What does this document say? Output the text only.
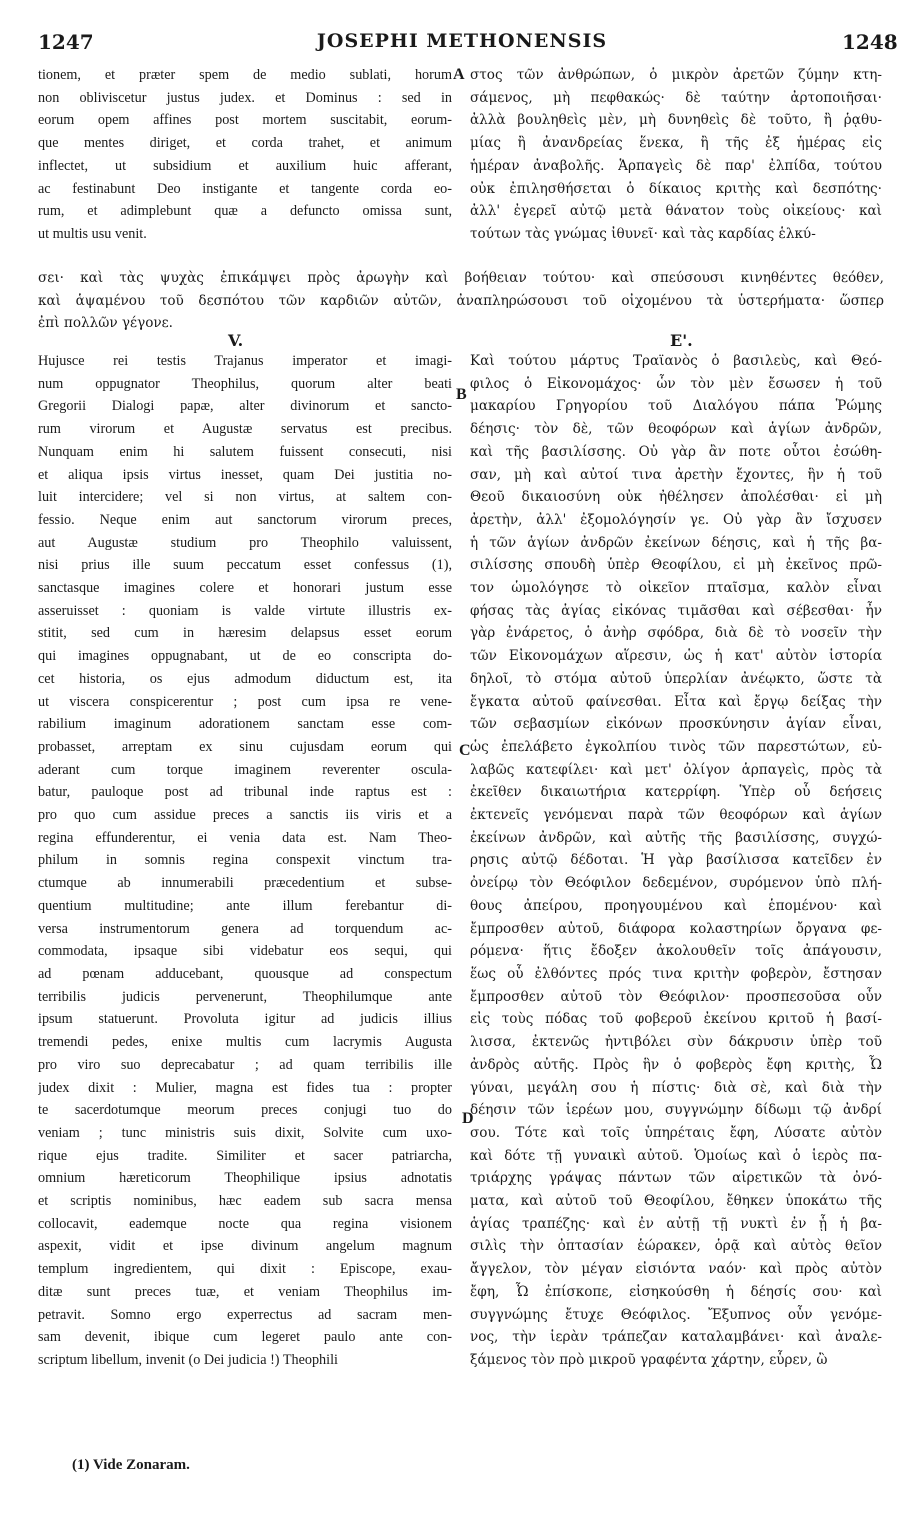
1247	JOSEPHI METHONENSIS	1248
tionem, et præter spem de medio sublati, horum
non obliviscetur justus judex. et Dominus : sed in
eorum opem affines post mortem suscitabit, eorum-
que mentes diriget, et corda trahet, et animum
inflectet, ut subsidium et auxilium huic afferant,
ac festinabunt Deo instigante et tangente corda eo-
rum, et adimplebunt quæ a defuncto omissa sunt,
ut multis usu venit.
στος τῶν ἀνθρώπων, ὁ μικρὸν ἀρετῶν ζύμην κτη-
σάμενος, μὴ πεφθακώς· δὲ ταύτην ἀρτοποιῆσαι·
ἀλλὰ βουληθεὶς μὲν, μὴ δυνηθεὶς δὲ τοῦτο, ἢ ῥᾳθυ-
μίας ἢ ἀνανδρείας ἕνεκα, ἢ τῆς ἐξ ἡμέρας εἰς
ἡμέραν ἀναβολῆς. Ἁρπαγεὶς δὲ παρ' ἐλπίδα, τούτου
οὐκ ἐπιλησθήσεται ὁ δίκαιος κριτὴς καὶ δεσπότης·
ἀλλ' ἐγερεῖ αὐτῷ μετὰ θάνατον τοὺς οἰκείους· καὶ
τούτων τὰς γνώμας ἰθυνεῖ· καὶ τὰς καρδίας ἑλκύ-
σει· καὶ τὰς ψυχὰς ἐπικάμψει πρὸς ἀρωγὴν καὶ βοήθειαν τούτου· καὶ σπεύσουσι κινηθέντες θεόθεν,
καὶ ἁψαμένου τοῦ δεσπότου τῶν καρδιῶν αὐτῶν, ἀναπληρώσουσι τοῦ οἰχομένου τὰ ὑστερήματα· ὥσπερ
ἐπὶ πολλῶν γέγονε.
V.	Ε'.
Hujusce rei testis Trajanus imperator et imagi-
num oppugnator Theophilus, quorum alter beati
Gregorii Dialogi papæ, alter divinorum et sancto-
rum virorum et Augustæ servatus est precibus.
Nunquam enim hi salutem fuissent consecuti, nisi
et aliqua ipsis virtus inesset, quam Dei justitia no-
luit intercidere; vel si non virtus, at saltem con-
fessio. Neque enim aut sanctorum virorum preces,
aut Augustæ studium pro Theophilo valuissent,
nisi prius ille suum peccatum esset confessus (1),
sanctasque imagines colere et honorari justum esse
asseruisset : quoniam is valde virtute illustris ex-
stitit, sed cum in hæresim delapsus esset eorum
qui imagines oppugnabant, ut de eo conscripta do-
cet historia, os ejus admodum diductum est, ita
ut viscera conspicerentur ; post cum ipsa re vene-
rabilium imaginum adorationem sanctam esse com-
probasset, arreptam ex sinu cujusdam eorum qui
aderant cum torque imaginem reverenter oscula-
batur, pauloque post ad tribunal inde raptus est :
pro quo cum assidue preces a sanctis iis viris et a
regina effunderentur, ei venia data est. Nam Theo-
philum in somnis regina conspexit vinctum tra-
ctumque ab innumerabili præcedentium et subse-
quentium multitudine; ante illum ferebantur di-
versa instrumentorum genera ad torquendum ac-
commodata, ipsaque sibi videbatur eos sequi, qui
ad pœnam adducebant, quousque ad conspectum
terribilis judicis pervenerunt, Theophilumque ante
ipsum statuerunt. Provoluta igitur ad judicis illius
tremendi pedes, enixe multis cum lacrymis Augusta
pro viro suo deprecabatur ; ad quam terribilis ille
judex dixit : Mulier, magna est fides tua : propter
te sacerdotumque meorum preces conjugi tuo do
veniam ; tunc ministris suis dixit, Solvite cum uxo-
rique ejus tradite. Similiter et sacer patriarcha,
omnium hæreticorum Theophilique ipsius adnotatis
et scriptis nominibus, hæc eadem sub sacra mensa
collocavit, eademque nocte qua regina visionem
aspexit, vidit et ipse divinum angelum magnum
templum ingredientem, qui dixit : Episcope, exau-
ditæ sunt preces tuæ, et veniam Theophilus im-
petravit. Somno ergo experrectus ad sacram men-
sam devenit, ibique cum legeret paulo ante con-
scriptum libellum, invenit (o Dei judicia !) Theophili
Καὶ τούτου μάρτυς Τραϊανὸς ὁ βασιλεὺς, καὶ Θεό-
φιλος ὁ Εἰκονομάχος· ὧν τὸν μὲν ἔσωσεν ἡ τοῦ
μακαρίου Γρηγορίου τοῦ Διαλόγου πάπα Ῥώμης
δέησις· τὸν δὲ, τῶν θεοφόρων καὶ ἁγίων ἀνδρῶν,
καὶ τῆς βασιλίσσης. Οὐ γὰρ ἂν ποτε οὗτοι ἐσώθη-
σαν, μὴ καὶ αὐτοί τινα ἀρετὴν ἔχοντες, ἣν ἡ τοῦ
Θεοῦ δικαιοσύνη οὐκ ἠθέλησεν ἀπολέσθαι· εἰ μὴ
ἀρετὴν, ἀλλ' ἐξομολόγησίν γε. Οὐ γὰρ ἂν ἴσχυσεν
ἡ τῶν ἁγίων ἀνδρῶν ἐκείνων δέησις, καὶ ἡ τῆς βα-
σιλίσσης σπουδὴ ὑπὲρ Θεοφίλου, εἰ μὴ ἐκεῖνος πρῶ-
τον ὡμολόγησε τὸ οἰκεῖον πταῖσμα, καλὸν εἶναι
φήσας τὰς ἁγίας εἰκόνας τιμᾶσθαι καὶ σέβεσθαι· ἦν
γὰρ ἐνάρετος, ὁ ἀνὴρ σφόδρα, διὰ δὲ τὸ νοσεῖν τὴν
τῶν Εἰκονομάχων αἵρεσιν, ὡς ἡ κατ' αὐτὸν ἱστορία
δηλοῖ, τὸ στόμα αὐτοῦ ὑπερλίαν ἀνέῳκτο, ὥστε τὰ
ἔγκατα αὐτοῦ φαίνεσθαι. Εἶτα καὶ ἔργῳ δείξας τὴν
τῶν σεβασμίων εἰκόνων προσκύνησιν ἁγίαν εἶναι,
ὡς ἐπελάβετο ἐγκολπίου τινὸς τῶν παρεστώτων, εὐ-
λαβῶς κατεφίλει· καὶ μετ' ὀλίγον ἁρπαγεὶς, πρὸς τὰ
ἐκεῖθεν δικαιωτήρια κατερρίφη. Ὑπὲρ οὗ δεήσεις
ἐκτενεῖς γενόμεναι παρὰ τῶν θεοφόρων καὶ ἁγίων
ἐκείνων ἀνδρῶν, καὶ αὐτῆς τῆς βασιλίσσης, συγχώ-
ρησις αὐτῷ δέδοται. Ἡ γὰρ βασίλισσα κατεῖδεν ἐν
ὀνείρῳ τὸν Θεόφιλον δεδεμένον, συρόμενον ὑπὸ πλή-
θους ἀπείρου, προηγουμένου καὶ ἑπομένου· καὶ
ἔμπροσθεν αὐτοῦ, διάφορα κολαστηρίων ὄργανα φε-
ρόμενα· ἥτις ἔδοξεν ἀκολουθεῖν τοῖς ἀπάγουσιν,
ἕως οὗ ἐλθόντες πρός τινα κριτὴν φοβερὸν, ἔστησαν
ἔμπροσθεν αὐτοῦ τὸν Θεόφιλον· προσπεσοῦσα οὖν
εἰς τοὺς πόδας τοῦ φοβεροῦ ἐκείνου κριτοῦ ἡ βασί-
λισσα, ἐκτενῶς ἠντιβόλει σὺν δάκρυσιν ὑπὲρ τοῦ
ἀνδρὸς αὐτῆς. Πρὸς ἣν ὁ φοβερὸς ἔφη κριτὴς, Ὦ
γύναι, μεγάλη σου ἡ πίστις· διὰ σὲ, καὶ διὰ τὴν
δέησιν τῶν ἱερέων μου, συγγνώμην δίδωμι τῷ ἀνδρί
σου. Τότε καὶ τοῖς ὑπηρέταις ἔφη, Λύσατε αὐτὸν
καὶ δότε τῇ γυναικὶ αὐτοῦ. Ὁμοίως καὶ ὁ ἱερὸς πα-
τριάρχης γράψας πάντων τῶν αἱρετικῶν τὰ ὀνό-
ματα, καὶ αὐτοῦ τοῦ Θεοφίλου, ἔθηκεν ὑποκάτω τῆς
ἁγίας τραπέζης· καὶ ἐν αὐτῇ τῇ νυκτὶ ἐν ᾗ ἡ βα-
σιλὶς τὴν ὀπτασίαν ἑώρακεν, ὁρᾷ καὶ αὐτὸς θεῖον
ἄγγελον, τὸν μέγαν εἰσιόντα ναόν· καὶ πρὸς αὐτὸν
ἔφη, Ὦ ἐπίσκοπε, εἰσηκούσθη ἡ δέησίς σου· καὶ
συγγνώμης ἔτυχε Θεόφιλος. Ἔξυπνος οὖν γενόμε-
νος, τὴν ἱερὰν τράπεζαν καταλαμβάνει· καὶ ἀναλε-
ξάμενος τὸν πρὸ μικροῦ γραφέντα χάρτην, εὗρεν, ὢ
A
B
C
D
(1) Vide Zonaram.
